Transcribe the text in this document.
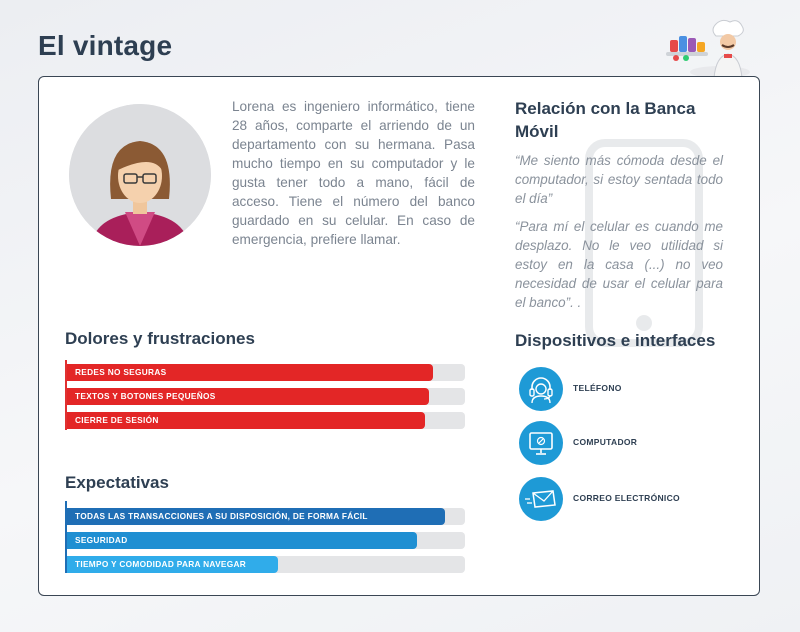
El vintage

Lorena es ingeniero informático, tiene 28 años, comparte el arriendo de un departamento con su hermana. Pasa mucho tiempo en su computador y le gusta tener todo a mano, fácil de acceso. Tiene el número del banco guardado en su celular. En caso de emergencia, prefiere llamar.

Relación con la Banca Móvil
“Me siento más cómoda desde el computador, si estoy sentada todo el día”
“Para mí el celular es cuando me desplazo. No le veo utilidad si estoy en la casa (...) no veo necesidad de usar el celular para el banco”. .
Dolores y frustraciones
REDES NO SEGURAS
TEXTOS Y BOTONES PEQUEÑOS
CIERRE DE SESIÓN
Expectativas
TODAS LAS TRANSACCIONES A SU DISPOSICIÓN, DE FORMA FÁCIL
SEGURIDAD
TIEMPO Y COMODIDAD PARA NAVEGAR
Dispositivos e interfaces
TELÉFONO
COMPUTADOR
CORREO ELECTRÓNICO
